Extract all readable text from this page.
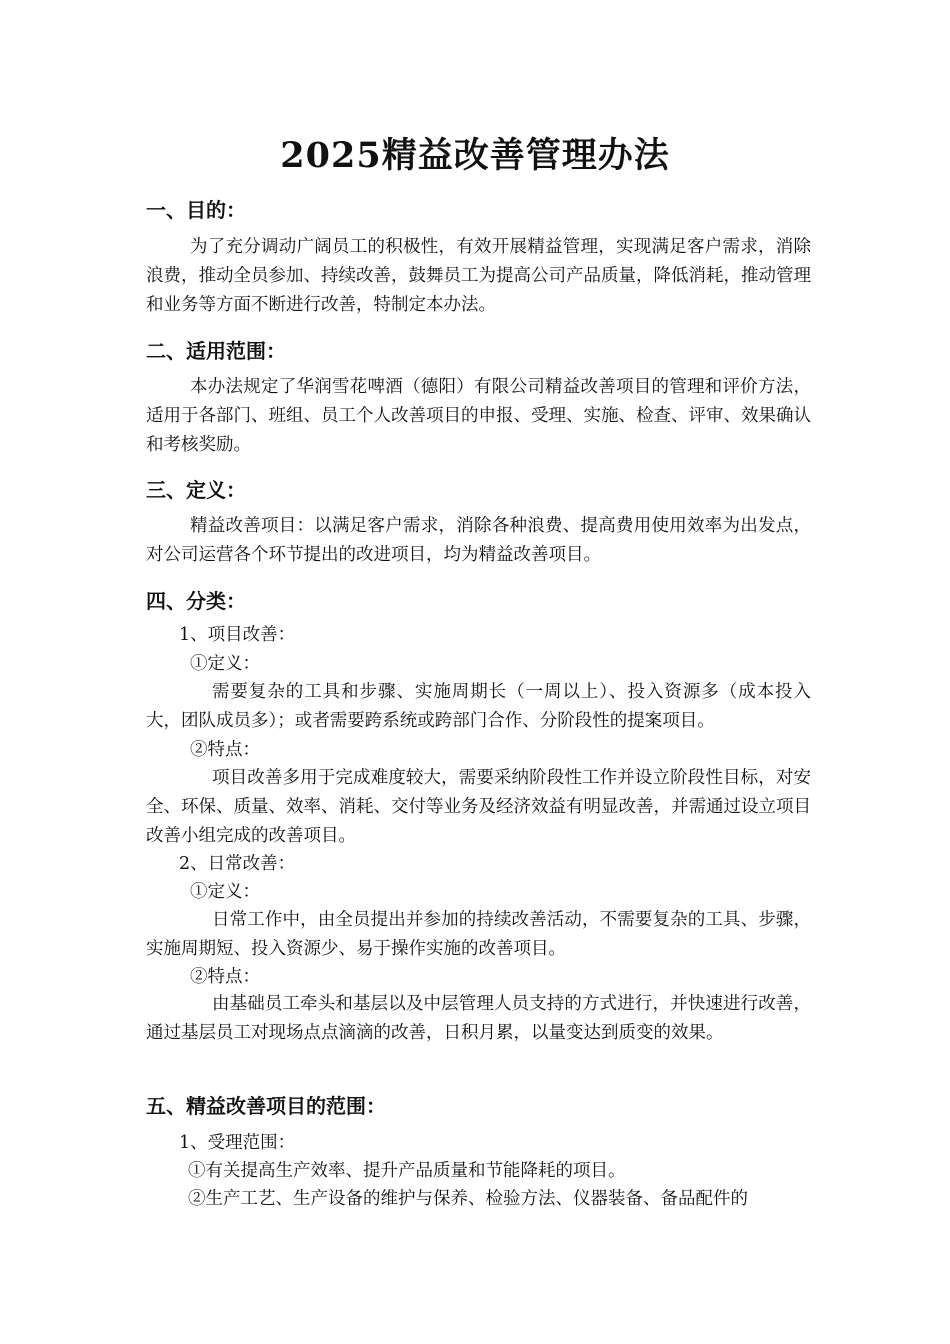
2025精益改善管理办法
一、目的：
为了充分调动广阔员工的积极性，有效开展精益管理，实现满足客户需求，消除浪费，推动全员参加、持续改善，鼓舞员工为提高公司产品质量，降低消耗，推动管理和业务等方面不断进行改善，特制定本办法。
二、适用范围：
本办法规定了华润雪花啤酒（德阳）有限公司精益改善项目的管理和评价方法，适用于各部门、班组、员工个人改善项目的申报、受理、实施、检查、评审、效果确认和考核奖励。
三、定义：
精益改善项目：以满足客户需求，消除各种浪费、提高费用使用效率为出发点，对公司运营各个环节提出的改进项目，均为精益改善项目。
四、分类：
1、项目改善：
①定义：
需要复杂的工具和步骤、实施周期长（一周以上）、投入资源多（成本投入大，团队成员多）；或者需要跨系统或跨部门合作、分阶段性的提案项目。
②特点：
项目改善多用于完成难度较大，需要采纳阶段性工作并设立阶段性目标，对安全、环保、质量、效率、消耗、交付等业务及经济效益有明显改善，并需通过设立项目改善小组完成的改善项目。
2、日常改善：
①定义：
日常工作中，由全员提出并参加的持续改善活动，不需要复杂的工具、步骤，实施周期短、投入资源少、易于操作实施的改善项目。
②特点：
由基础员工牵头和基层以及中层管理人员支持的方式进行，并快速进行改善，通过基层员工对现场点点滴滴的改善，日积月累，以量变达到质变的效果。
五、精益改善项目的范围：
1、受理范围：
①有关提高生产效率、提升产品质量和节能降耗的项目。
②生产工艺、生产设备的维护与保养、检验方法、仪器装备、备品配件的
